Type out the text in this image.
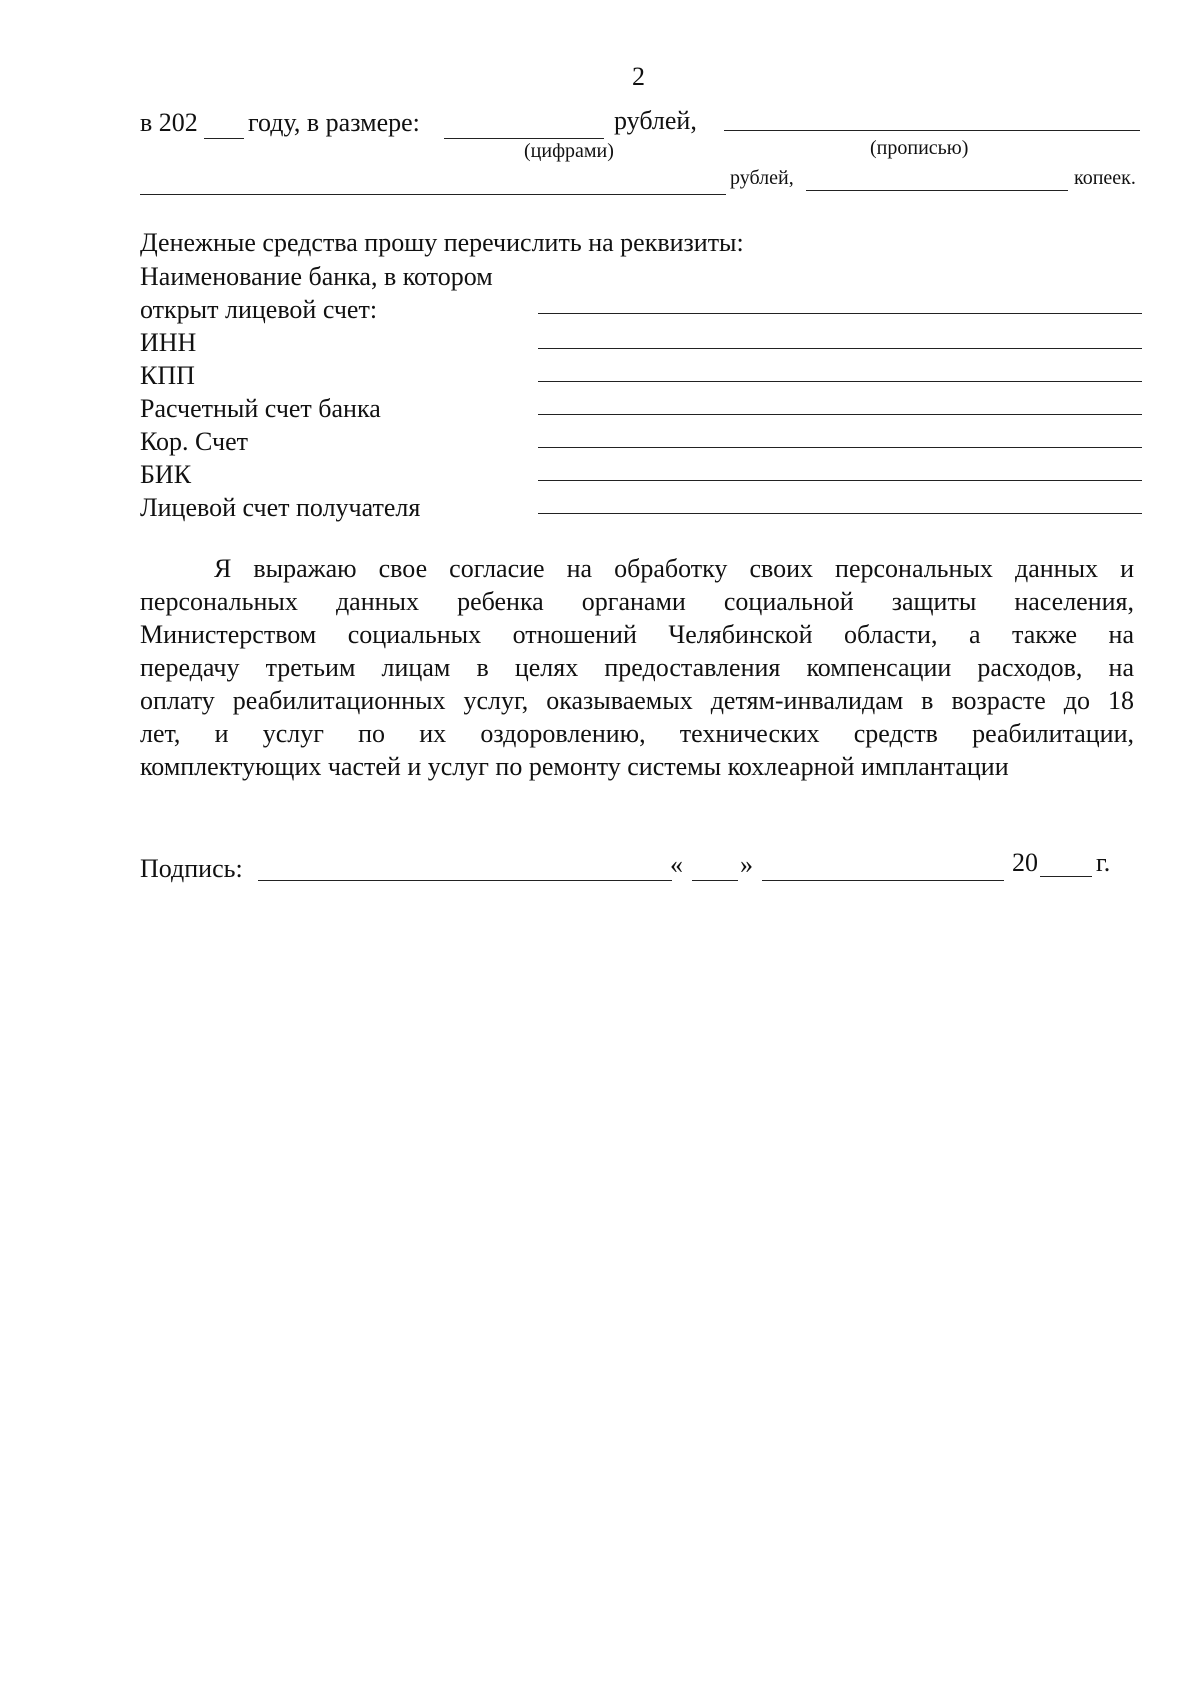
2
в 202 году, в размере:	рублей,
(цифрами)	(прописью)
рублей,	копеек.
Денежные средства прошу перечислить на реквизиты:
Наименование банка, в котором
открыт лицевой счет:
ИНН
КПП
Расчетный счет банка
Кор. Счет
БИК
Лицевой счет получателя
Я выражаю свое согласие на обработку своих персональных данных и
персональных данных ребенка органами социальной защиты населения,
Министерством социальных отношений Челябинской области, а также на
передачу третьим лицам в целях предоставления компенсации расходов, на
оплату реабилитационных услуг, оказываемых детям-инвалидам в возрасте до 18
лет, и услуг по их оздоровлению, технических средств реабилитации,
комплектующих частей и услуг по ремонту системы кохлеарной имплантации
Подпись:	« »	20 г.
